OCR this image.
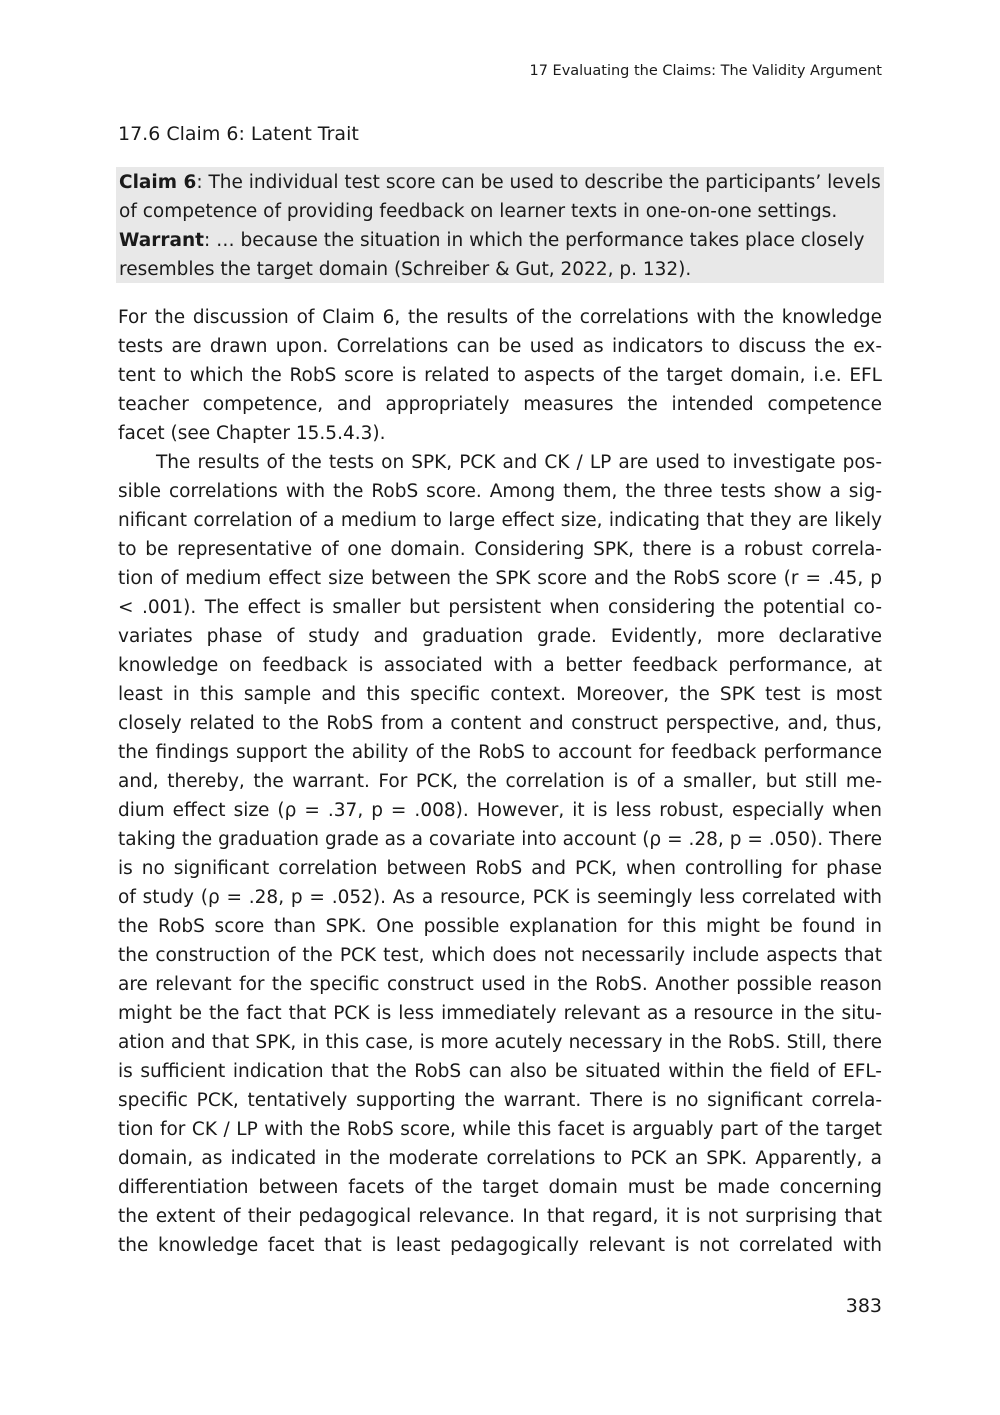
17 Evaluating the Claims: The Validity Argument
17.6 Claim 6: Latent Trait
Claim 6: The individual test score can be used to describe the participants’ levels
of competence of providing feedback on learner texts in one-on-one settings.
Warrant: … because the situation in which the performance takes place closely
resembles the target domain (Schreiber & Gut, 2022, p. 132).
For the discussion of Claim 6, the results of the correlations with the knowledge
tests are drawn upon. Correlations can be used as indicators to discuss the ex-
tent to which the RobS score is related to aspects of the target domain, i.e. EFL
teacher competence, and appropriately measures the intended competence
facet (see Chapter 15.5.4.3).
The results of the tests on SPK, PCK and CK / LP are used to investigate pos-
sible correlations with the RobS score. Among them, the three tests show a sig-
nificant correlation of a medium to large effect size, indicating that they are likely
to be representative of one domain. Considering SPK, there is a robust correla-
tion of medium effect size between the SPK score and the RobS score (r = .45, p
< .001). The effect is smaller but persistent when considering the potential co-
variates phase of study and graduation grade. Evidently, more declarative
knowledge on feedback is associated with a better feedback performance, at
least in this sample and this specific context. Moreover, the SPK test is most
closely related to the RobS from a content and construct perspective, and, thus,
the findings support the ability of the RobS to account for feedback performance
and, thereby, the warrant. For PCK, the correlation is of a smaller, but still me-
dium effect size (ρ = .37, p = .008). However, it is less robust, especially when
taking the graduation grade as a covariate into account (ρ = .28, p = .050). There
is no significant correlation between RobS and PCK, when controlling for phase
of study (ρ = .28, p = .052). As a resource, PCK is seemingly less correlated with
the RobS score than SPK. One possible explanation for this might be found in
the construction of the PCK test, which does not necessarily include aspects that
are relevant for the specific construct used in the RobS. Another possible reason
might be the fact that PCK is less immediately relevant as a resource in the situ-
ation and that SPK, in this case, is more acutely necessary in the RobS. Still, there
is sufficient indication that the RobS can also be situated within the field of EFL-
specific PCK, tentatively supporting the warrant. There is no significant correla-
tion for CK / LP with the RobS score, while this facet is arguably part of the target
domain, as indicated in the moderate correlations to PCK an SPK. Apparently, a
differentiation between facets of the target domain must be made concerning
the extent of their pedagogical relevance. In that regard, it is not surprising that
the knowledge facet that is least pedagogically relevant is not correlated with
383
